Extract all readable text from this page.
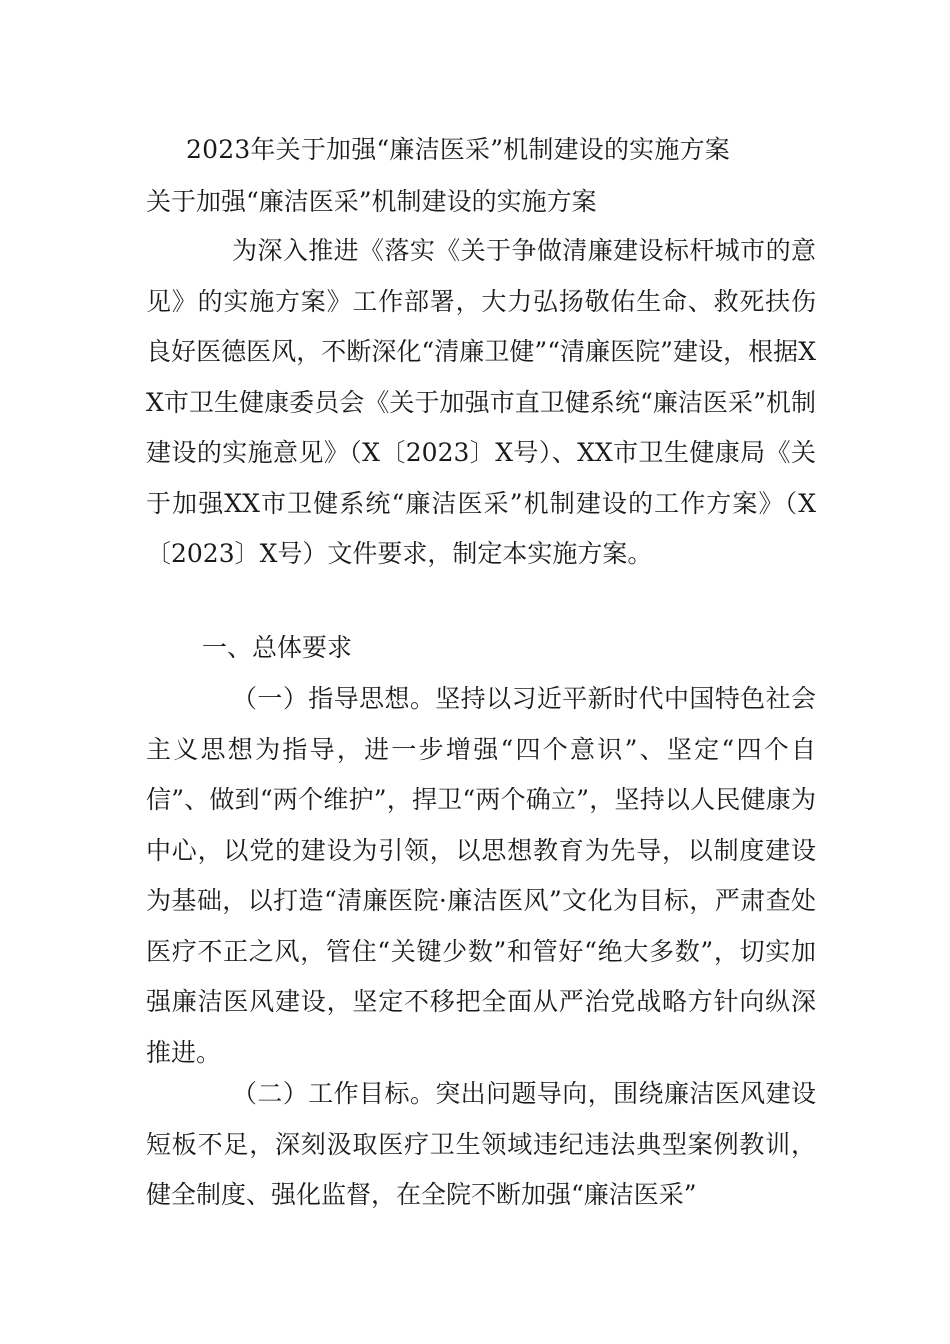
2023年关于加强“廉洁医采”机制建设的实施方案
关于加强“廉洁医采”机制建设的实施方案

为深入推进《落实《关于争做清廉建设标杆城市的意见》的实施方案》工作部署，大力弘扬敬佑生命、救死扶伤良好医德医风，不断深化“清廉卫健”“清廉医院”建设，根据XX市卫生健康委员会《关于加强市直卫健系统“廉洁医采”机制建设的实施意见》（X〔2023〕X号）、XX市卫生健康局《关于加强XX市卫健系统“廉洁医采”机制建设的工作方案》（X〔2023〕X号）文件要求，制定本实施方案。

一、总体要求

（一）指导思想。坚持以习近平新时代中国特色社会主义思想为指导，进一步增强“四个意识”、坚定“四个自信”、做到“两个维护”，捍卫“两个确立”，坚持以人民健康为中心，以党的建设为引领，以思想教育为先导，以制度建设为基础，以打造“清廉医院·廉洁医风”文化为目标，严肃查处医疗不正之风，管住“关键少数”和管好“绝大多数”，切实加强廉洁医风建设，坚定不移把全面从严治党战略方针向纵深推进。

（二）工作目标。突出问题导向，围绕廉洁医风建设短板不足，深刻汲取医疗卫生领域违纪违法典型案例教训，健全制度、强化监督，在全院不断加强“廉洁医采”
